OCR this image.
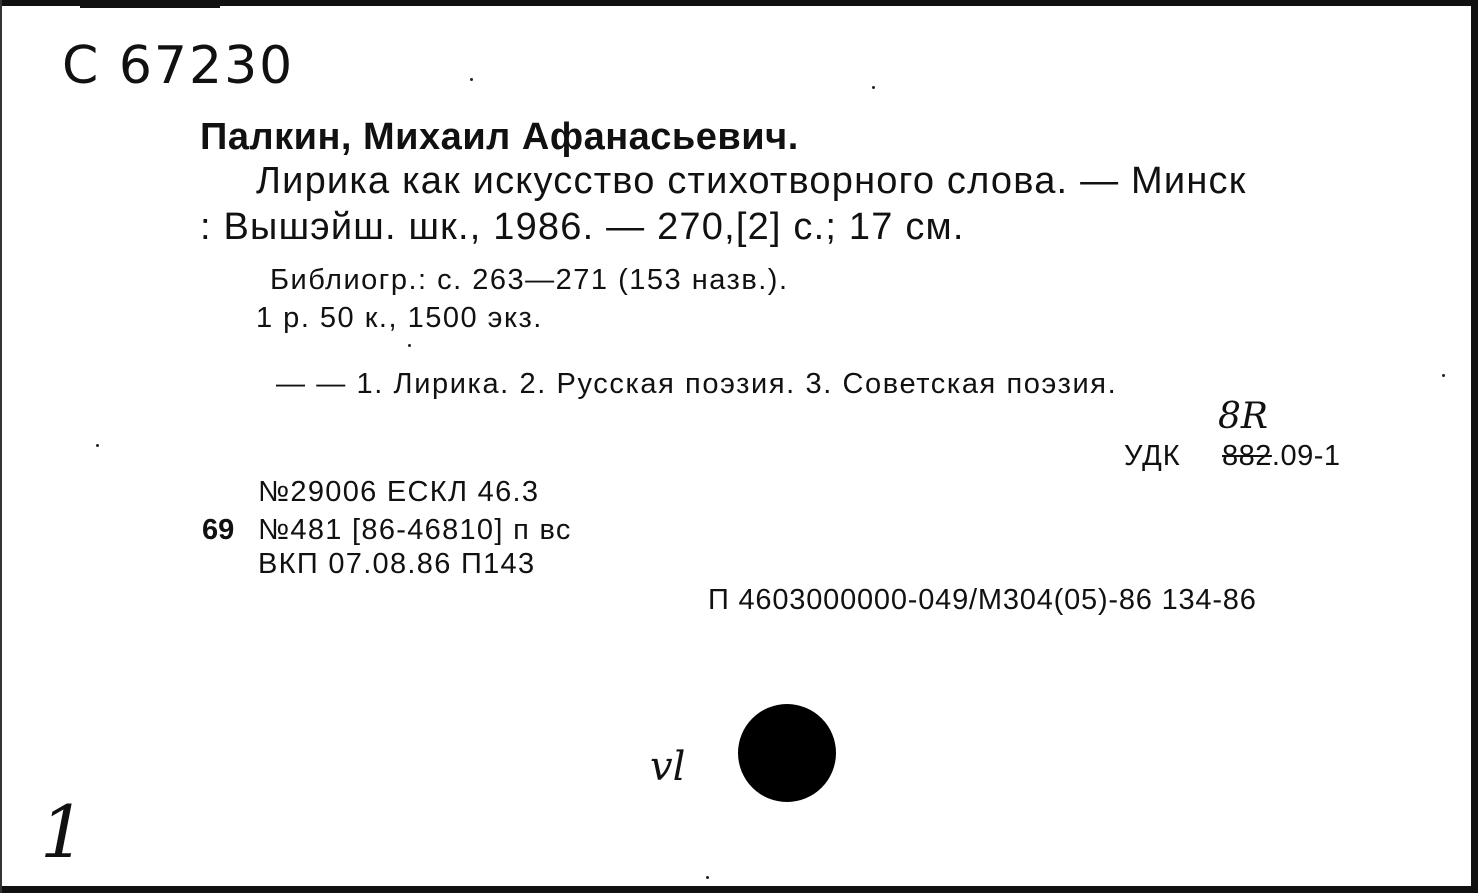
C 67230
Палкин, Михаил Афанасьевич.
Лирика как искусство стихотворного слова. — Минск
: Вышэйш. шк., 1986. — 270,[2] с.; 17 см.
Библиогр.: с. 263—271 (153 назв.).
1 р. 50 к., 1500 экз.
— — 1. Лирика. 2. Русская поэзия. 3. Советская поэзия.
8R
УДК 882.09-1
№29006 ЕСКЛ 46.3
69 №481 [86-46810] п вс
ВКП 07.08.86 П143
П 4603000000-049/М304(05)-86 134-86
vl
1
